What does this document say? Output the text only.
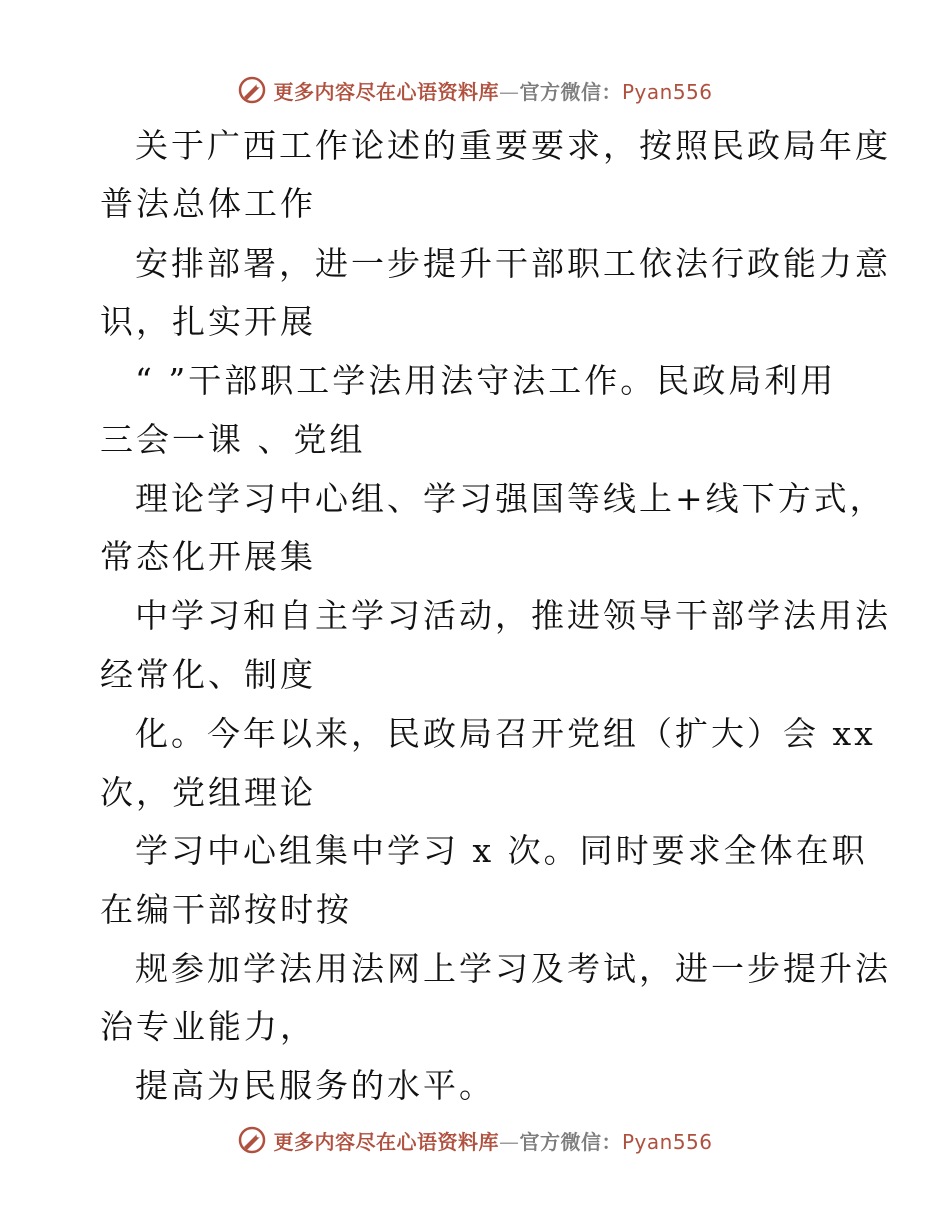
更多内容尽在心语资料库—官方微信：Pyan556
关于广西工作论述的重要要求，按照民政局年度
普法总体工作
安排部署，进一步提升干部职工依法行政能力意
识，扎实开展
“ ”干部职工学法用法守法工作。民政局利用
三会一课 、党组
理论学习中心组、学习强国等线上+线下方式，
常态化开展集
中学习和自主学习活动，推进领导干部学法用法
经常化、制度
化。今年以来，民政局召开党组（扩大）会 xx
次，党组理论
学习中心组集中学习 x 次。同时要求全体在职
在编干部按时按
规参加学法用法网上学习及考试，进一步提升法
治专业能力，
提高为民服务的水平。
更多内容尽在心语资料库—官方微信：Pyan556
